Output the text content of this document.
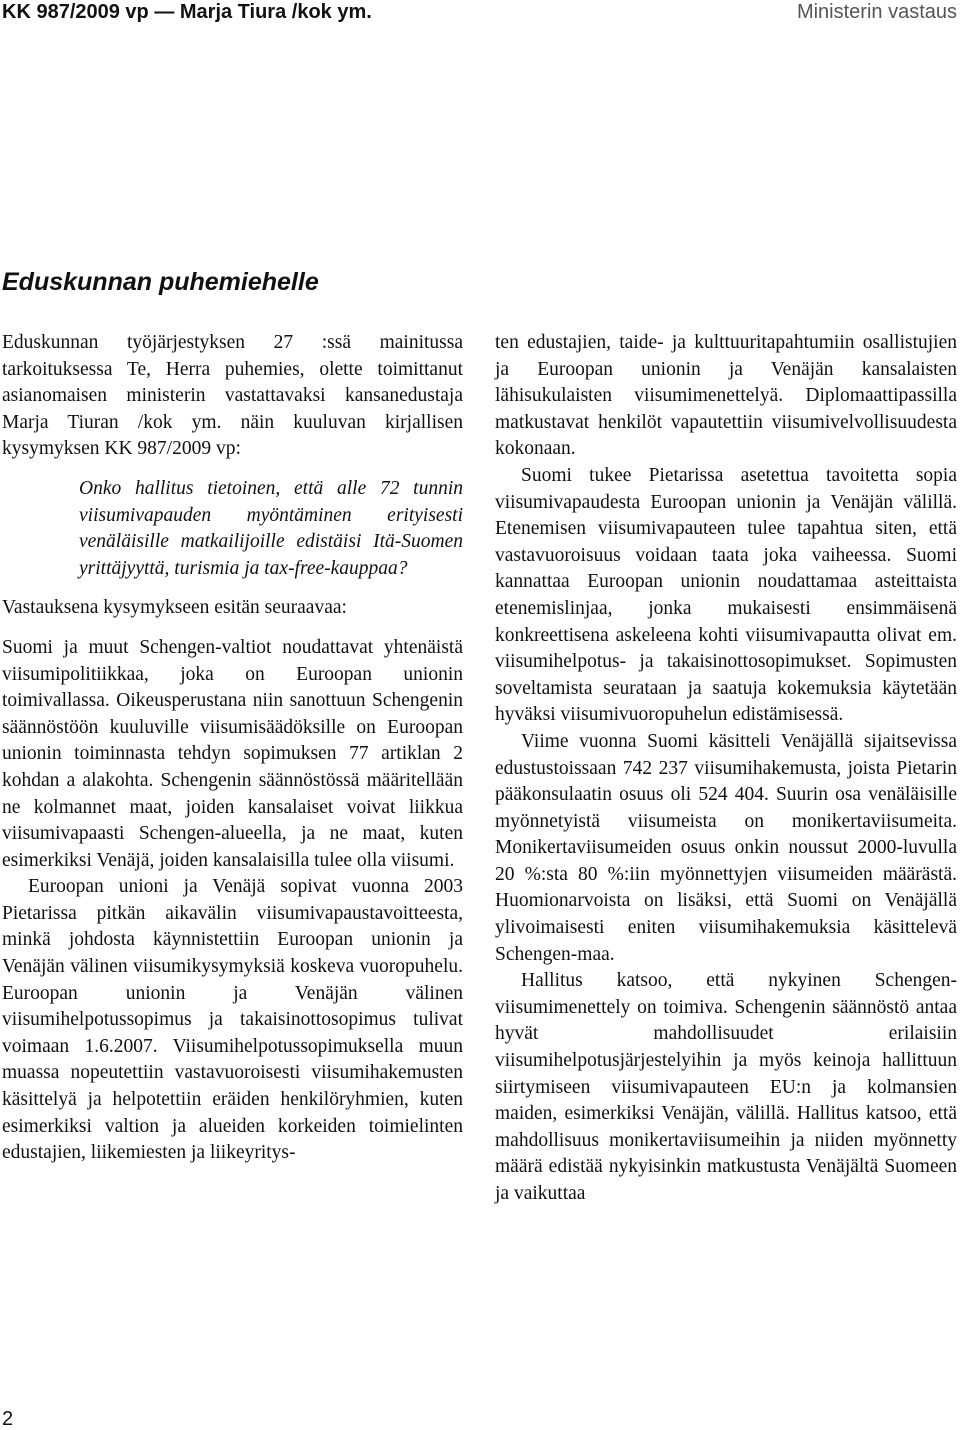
KK 987/2009 vp — Marja Tiura /kok ym.	Ministerin vastaus
Eduskunnan puhemiehelle

Eduskunnan työjärjestyksen 27 :ssä mainitussa tarkoituksessa Te, Herra puhemies, olette toimittanut asianomaisen ministerin vastattavaksi kansanedustaja Marja Tiuran /kok ym. näin kuuluvan kirjallisen kysymyksen KK 987/2009 vp:

Onko hallitus tietoinen, että alle 72 tunnin viisumivapauden myöntäminen erityisesti venäläisille matkailijoille edistäisi Itä-Suomen yrittäjyyttä, turismia ja tax-free-kauppaa?

Vastauksena kysymykseen esitän seuraavaa:

Suomi ja muut Schengen-valtiot noudattavat yhtenäistä viisumipolitiikkaa, joka on Euroopan unionin toimivallassa. Oikeusperustana niin sanottuun Schengenin säännöstöön kuuluville viisumisäädöksille on Euroopan unionin toiminnasta tehdyn sopimuksen 77 artiklan 2 kohdan a alakohta. Schengenin säännöstössä määritellään ne kolmannet maat, joiden kansalaiset voivat liikkua viisumivapaasti Schengen-alueella, ja ne maat, kuten esimerkiksi Venäjä, joiden kansalaisilla tulee olla viisumi.

Euroopan unioni ja Venäjä sopivat vuonna 2003 Pietarissa pitkän aikavälin viisumivapaustavoitteesta, minkä johdosta käynnistettiin Euroopan unionin ja Venäjän välinen viisumikysymyksiä koskeva vuoropuhelu. Euroopan unionin ja Venäjän välinen viisumihelpotussopimus ja takaisinottosopimus tulivat voimaan 1.6.2007. Viisumihelpotussopimuksella muun muassa nopeutettiin vastavuoroisesti viisumihakemusten käsittelyä ja helpotettiin eräiden henkilöryhmien, kuten esimerkiksi valtion ja alueiden korkeiden toimielinten edustajien, liikemiesten ja liikeyritys-

ten edustajien, taide- ja kulttuuritapahtumiin osallistujien ja Euroopan unionin ja Venäjän kansalaisten lähisukulaisten viisumimenettelyä. Diplomaattipassilla matkustavat henkilöt vapautettiin viisumivelvollisuudesta kokonaan.

Suomi tukee Pietarissa asetettua tavoitetta sopia viisumivapaudesta Euroopan unionin ja Venäjän välillä. Etenemisen viisumivapauteen tulee tapahtua siten, että vastavuoroisuus voidaan taata joka vaiheessa. Suomi kannattaa Euroopan unionin noudattamaa asteittaista etenemislinjaa, jonka mukaisesti ensimmäisenä konkreettisena askeleena kohti viisumivapautta olivat em. viisumihelpotus- ja takaisinottosopimukset. Sopimusten soveltamista seurataan ja saatuja kokemuksia käytetään hyväksi viisumivuoropuhelun edistämisessä.

Viime vuonna Suomi käsitteli Venäjällä sijaitsevissa edustustoissaan 742 237 viisumihakemusta, joista Pietarin pääkonsulaatin osuus oli 524 404. Suurin osa venäläisille myönnetyistä viisumeista on monikertaviisumeita. Monikertaviisumeiden osuus onkin noussut 2000-luvulla 20 %:sta 80 %:iin myönnettyjen viisumeiden määrästä. Huomionarvoista on lisäksi, että Suomi on Venäjällä ylivoimaisesti eniten viisumihakemuksia käsittelevä Schengen-maa.

Hallitus katsoo, että nykyinen Schengen-viisumimenettely on toimiva. Schengenin säännöstö antaa hyvät mahdollisuudet erilaisiin viisumihelpotusjärjestelyihin ja myös keinoja hallittuun siirtymiseen viisumivapauteen EU:n ja kolmansien maiden, esimerkiksi Venäjän, välillä. Hallitus katsoo, että mahdollisuus monikertaviisumeihin ja niiden myönnetty määrä edistää nykyisinkin matkustusta Venäjältä Suomeen ja vaikuttaa

2
